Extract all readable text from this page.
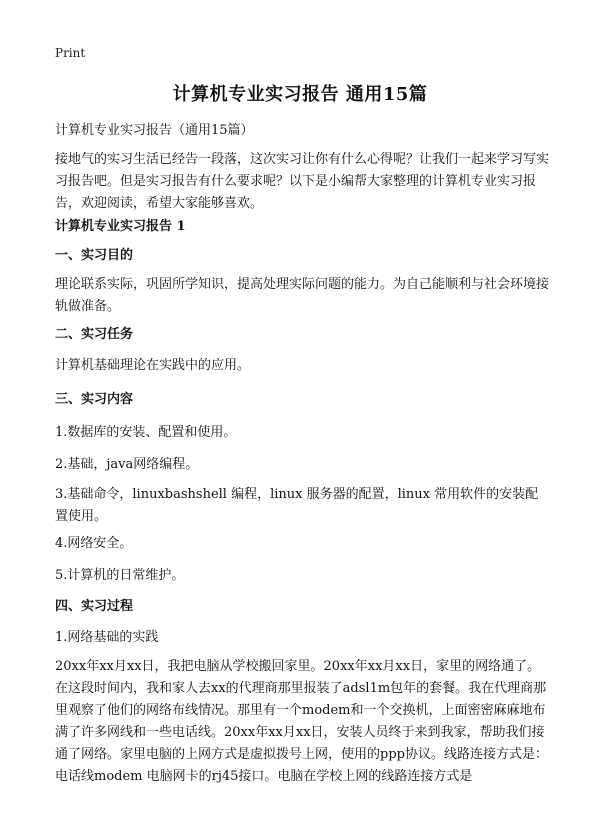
Print
计算机专业实习报告 通用15篇
计算机专业实习报告（通用15篇）
接地气的实习生活已经告一段落，这次实习让你有什么心得呢？让我们一起来学习写实习报告吧。但是实习报告有什么要求呢？以下是小编帮大家整理的计算机专业实习报告，欢迎阅读，希望大家能够喜欢。
计算机专业实习报告 1
一、实习目的
理论联系实际，巩固所学知识，提高处理实际问题的能力。为自己能顺利与社会环境接轨做准备。
二、实习任务
计算机基础理论在实践中的应用。
三、实习内容
1.数据库的安装、配置和使用。
2.基础，java网络编程。
3.基础命令，linuxbashshell 编程，linux 服务器的配置，linux 常用软件的安装配置使用。
4.网络安全。
5.计算机的日常维护。
四、实习过程
1.网络基础的实践
20xx年xx月xx日，我把电脑从学校搬回家里。20xx年xx月xx日，家里的网络通了。在这段时间内，我和家人去xx的代理商那里报装了adsl1m包年的套餐。我在代理商那里观察了他们的网络布线情况。那里有一个modem和一个交换机，上面密密麻麻地布满了许多网线和一些电话线。20xx年xx月xx日，安装人员终于来到我家，帮助我们接通了网络。家里电脑的上网方式是虚拟拨号上网，使用的ppp协议。线路连接方式是：电话线modem 电脑网卡的rj45接口。电脑在学校上网的线路连接方式是
